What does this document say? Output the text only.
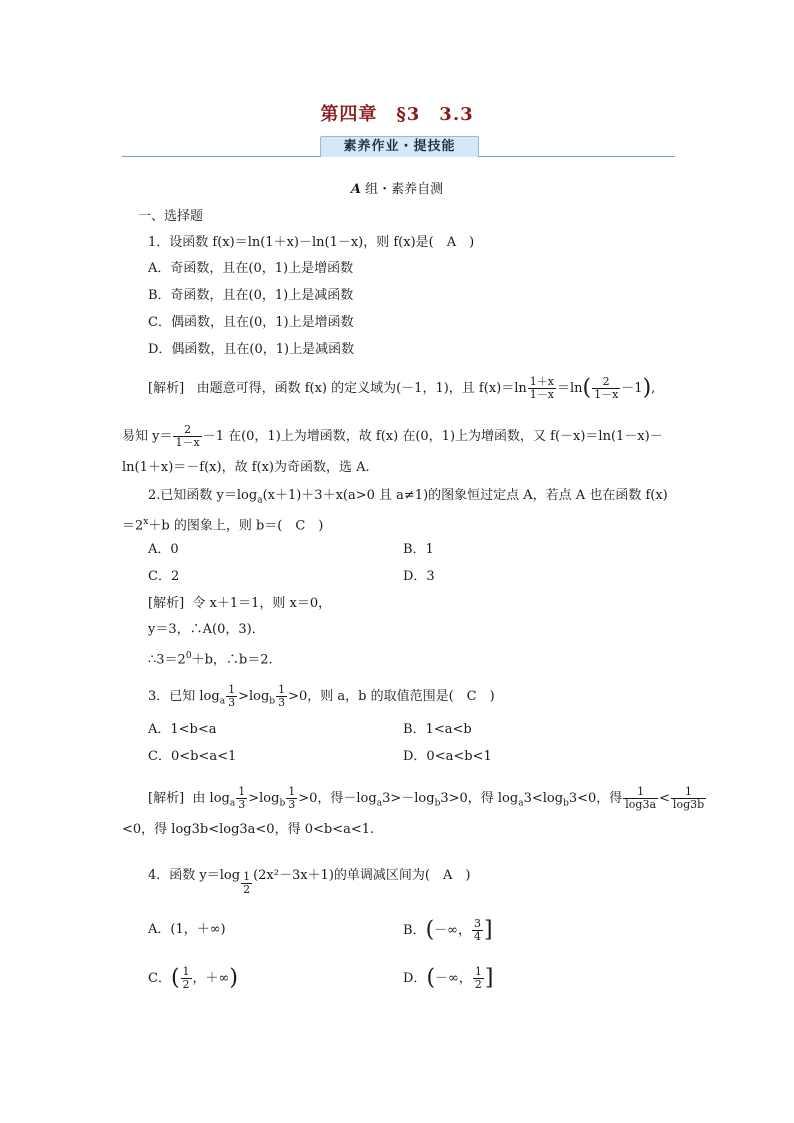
第四章　§3　3.3
素养作业・提技能
A 组・素养自测
一、选择题
1．设函数 f(x)＝ln(1＋x)－ln(1－x)，则 f(x)是(　A　)
A．奇函数，且在(0，1)上是增函数
B．奇函数，且在(0，1)上是减函数
C．偶函数，且在(0，1)上是增函数
D．偶函数，且在(0，1)上是减函数
[解析] 由题意可得，函数 f(x) 的定义域为(－1，1)，且 $f(x)=\ln \frac{1+x}{1-x} =\ln( \frac{2}{1-x} -1)$,
易知 $y= \frac{2}{1-x} -1$ 在(0，1)上为增函数，故 f(x) 在(0，1)上为增函数，又 f(－x)＝ln(1－x)－
ln(1＋x)＝－f(x)，故 f(x)为奇函数，选 A.
2.已知函数 $y=\log_a(x+1)+3+x(a>0$ 且 a≠1)的图象恒过定点 A，若点 A 也在函数 f(x)
$=2^x+b$ 的图象上，则 b＝(　C　)
A．0	B．1
C．2	D．3
[解析] 令 x＋1＝1，则 x＝0，
y＝3，∴A(0，3)．
$\therefore 3=2^0+b$，∴b＝2.
3．已知 $\log_a \frac{1}{3} >\log_b \frac{1}{3} >0$，则 a，b 的取值范围是(　C　)
A．1<b<a	B．1<a<b
C．0<b<a<1	D．0<a<b<1
[解析] 由 $\log_a \frac{1}{3} >\log_b \frac{1}{3} >0$，得$-\log_a3>-\log_b3>0$，得 $\log_a3<\log_b3<0$，得 $\frac{1}{\log 3a} < \frac{1}{\log 3b}$
<0，得 log3b<log3a<0，得 0<b<a<1.
4．函数 $y=\log \frac{1}{2} (2x^2-3x+1)$的单调减区间为(　A　)
A．(1，＋∞)	B．(－∞， $\frac{3}{4}$ ]
C．( $\frac{1}{2}$ ，＋∞)	D．(－∞， $\frac{1}{2}$ ]
